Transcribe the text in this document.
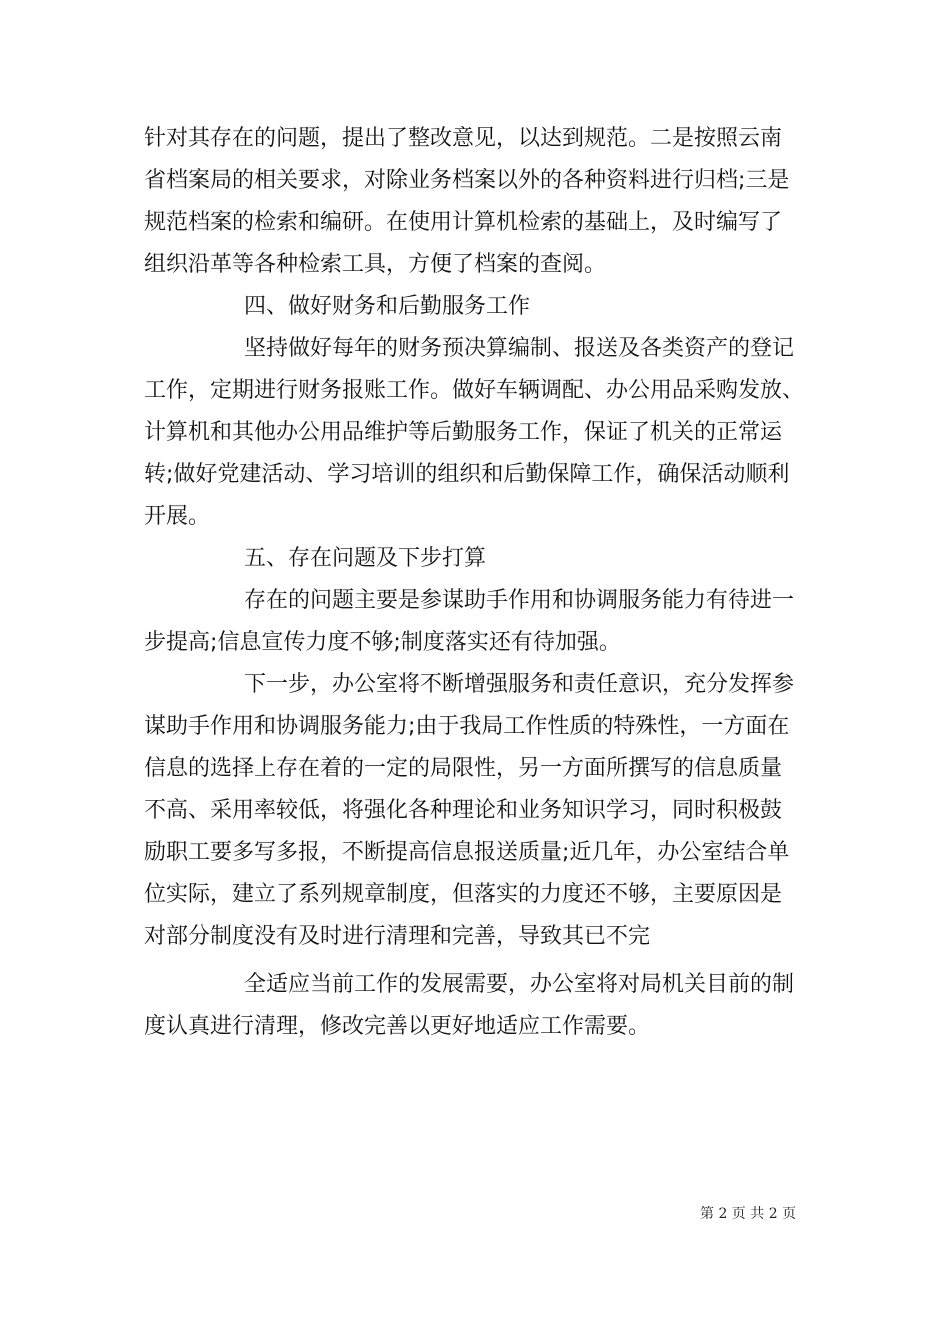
针对其存在的问题，提出了整改意见，以达到规范。二是按照云南
省档案局的相关要求，对除业务档案以外的各种资料进行归档;三是
规范档案的检索和编研。在使用计算机检索的基础上，及时编写了
组织沿革等各种检索工具，方便了档案的查阅。
四、做好财务和后勤服务工作
坚持做好每年的财务预决算编制、报送及各类资产的登记
工作，定期进行财务报账工作。做好车辆调配、办公用品采购发放、
计算机和其他办公用品维护等后勤服务工作，保证了机关的正常运
转;做好党建活动、学习培训的组织和后勤保障工作，确保活动顺利
开展。
五、存在问题及下步打算
存在的问题主要是参谋助手作用和协调服务能力有待进一
步提高;信息宣传力度不够;制度落实还有待加强。
下一步，办公室将不断增强服务和责任意识，充分发挥参
谋助手作用和协调服务能力;由于我局工作性质的特殊性，一方面在
信息的选择上存在着的一定的局限性，另一方面所撰写的信息质量
不高、采用率较低，将强化各种理论和业务知识学习，同时积极鼓
励职工要多写多报，不断提高信息报送质量;近几年，办公室结合单
位实际，建立了系列规章制度，但落实的力度还不够，主要原因是
对部分制度没有及时进行清理和完善，导致其已不完
全适应当前工作的发展需要，办公室将对局机关目前的制
度认真进行清理，修改完善以更好地适应工作需要。
第 2 页 共 2 页
